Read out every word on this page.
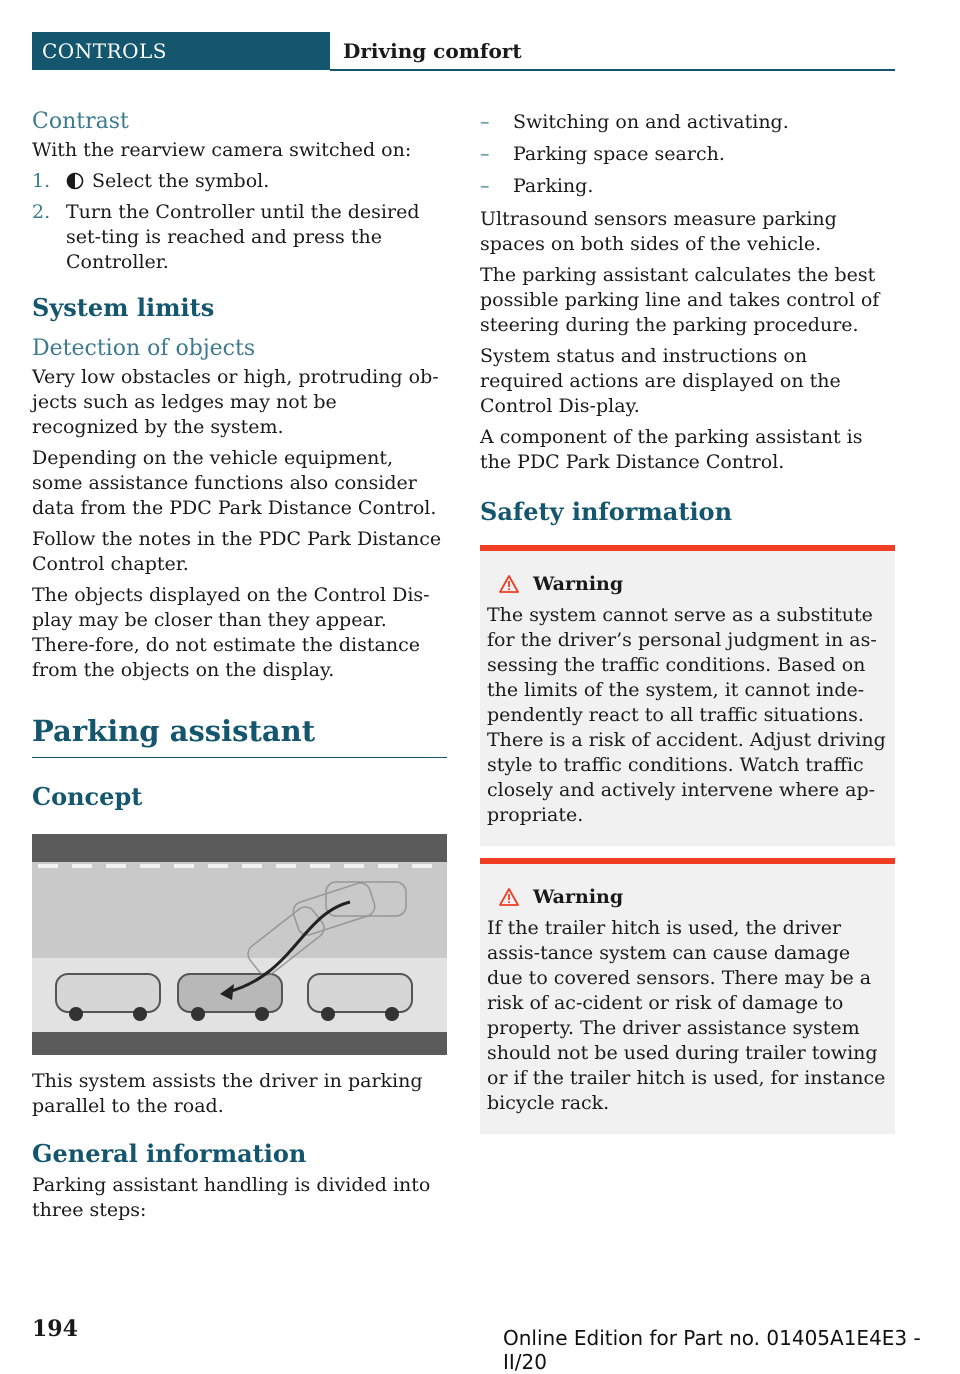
CONTROLS	Driving comfort
Contrast

With the rearview camera switched on:

1. Select the symbol.
2. Turn the Controller until the desired set‐ting is reached and press the Controller.
System limits
Detection of objects

Very low obstacles or high, protruding ob‐jects such as ledges may not be recognized by the system.

Depending on the vehicle equipment, some assistance functions also consider data from the PDC Park Distance Control.

Follow the notes in the PDC Park Distance Control chapter.

The objects displayed on the Control Dis‐play may be closer than they appear. There‐fore, do not estimate the distance from the objects on the display.

Parking assistant
Concept

This system assists the driver in parking parallel to the road.

General information

Parking assistant handling is divided into three steps:

– Switching on and activating.
– Parking space search.
– Parking.

Ultrasound sensors measure parking spaces on both sides of the vehicle.

The parking assistant calculates the best possible parking line and takes control of steering during the parking procedure.

System status and instructions on required actions are displayed on the Control Dis‐play.

A component of the parking assistant is the PDC Park Distance Control.

Safety information
Warning

The system cannot serve as a substitute for the driver’s personal judgment in as‐sessing the traffic conditions. Based on the limits of the system, it cannot inde‐pendently react to all traffic situations. There is a risk of accident. Adjust driving style to traffic conditions. Watch traffic closely and actively intervene where ap‐propriate.

Warning

If the trailer hitch is used, the driver assis‐tance system can cause damage due to covered sensors. There may be a risk of ac‐cident or risk of damage to property. The driver assistance system should not be used during trailer towing or if the trailer hitch is used, for instance bicycle rack.

194	Online Edition for Part no. 01405A1E4E3 - II/20
